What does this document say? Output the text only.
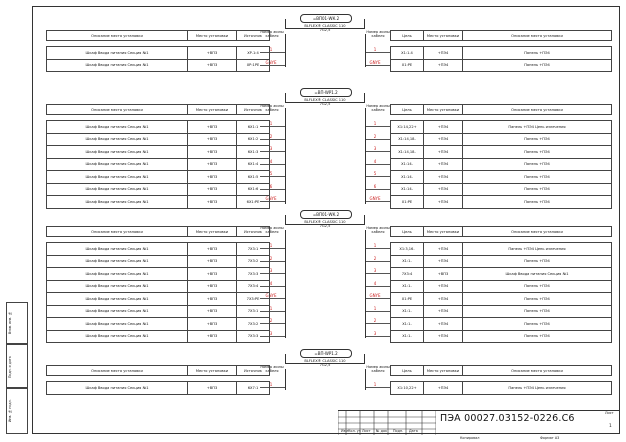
Взам. инв. №
Подп. и дата
Инв. № подл.
=ВП01-WК.2
ВLFLEX® CLASSIC 110
7G2,5
Номер жилы кабеля
Номер жилы кабеля
1	1
GNYE	GNYE
Описание места установки	Место установки	Источник

Шкаф Ввода питания Секция №1	+ВП3	ХР.1:4
Шкаф Ввода питания Секция №1	+ВП3	ХР:1РЕ
Цель	Место установки	Описание места установки

Х1:1.4	+ПЭ4	Панель +ПЭ4
Х1:РЕ	+ПЭ4	Панель +ПЭ4
=ВП-WР1.2
ВLFLEX® CLASSIC 110
7G2,5
Номер жилы кабеля
Номер жилы кабеля
1	1
2	2
3	3
4	4
5	5
6	6
GNYE	GNYE
Описание места установки	Место установки	Источник

Шкаф Ввода питания Секция №1	+ВП3	6Х1:1
Шкаф Ввода питания Секция №1	+ВП3	6Х1:2
Шкаф Ввода питания Секция №1	+ВП3	6Х1:3
Шкаф Ввода питания Секция №1	+ВП3	6Х1:4
Шкаф Ввода питания Секция №1	+ВП3	6Х1:5
Шкаф Ввода питания Секция №1	+ВП3	6Х1:6
Шкаф Ввода питания Секция №1	+ВП3	6Х1:РЕ
Цель	Место установки	Описание места установки

Х1:14,22+	+ПЭ4	Панель +ПЭ4 Цепь излечения
Х1:14,18-	+ПЭ4	Панель +ПЭ4
Х1:14,18-	+ПЭ4	Панель +ПЭ4
Х1:14-	+ПЭ4	Панель +ПЭ4
Х1:14-	+ПЭ4	Панель +ПЭ4
Х1:14-	+ПЭ4	Панель +ПЭ4
Х1:РЕ	+ПЭ4	Панель +ПЭ4
=ВП01-WК.2
ВLFLEX® CLASSIC 110
7G2,5
Номер жилы кабеля
Номер жилы кабеля
1	1
2	2
3	3
4	4
GNYE	GNYE
1	1
2	2
3	3
Описание места установки	Место установки	Источник

Шкаф Ввода питания Секция №1	+ВП3	7Х3:1
Шкаф Ввода питания Секция №1	+ВП3	7Х3:2
Шкаф Ввода питания Секция №1	+ВП3	7Х3:3
Шкаф Ввода питания Секция №1	+ВП3	7Х3:4
Шкаф Ввода питания Секция №1	+ВП3	7Х3:РЕ
Шкаф Ввода питания Секция №1	+ВП3	7Х3:1
Шкаф Ввода питания Секция №1	+ВП3	7Х3:2
Шкаф Ввода питания Секция №1	+ВП3	7Х3:3
Цель	Место установки	Описание места установки

Х1:3,16-	+ПЭ4	Панель +ПЭ4 Цепь излечения
Х1:1-	+ПЭ4	Панель +ПЭ4
7Х3:4	+ВП3	Шкаф Ввода питания Секция №1
Х1:1-	+ПЭ4	Панель +ПЭ4
Х1:РЕ	+ПЭ4	Панель +ПЭ4
Х1:1-	+ПЭ4	Панель +ПЭ4
Х1:1-	+ПЭ4	Панель +ПЭ4
Х1:1-	+ПЭ4	Панель +ПЭ4
=ВП-WР1.2
ВLFLEX® CLASSIC 110
7G2,5
Номер жилы кабеля
Номер жилы кабеля
1	1
Описание места установки	Место установки	Источник

Шкаф Ввода питания Секция №1	+ВП3	6Х7:1
Цель	Место установки	Описание места установки

Х1:10,22+	+ПЭ4	Панель +ПЭ4 Цепь излечения
Изм Кол. уч Лист № док Подп. Дата
ПЭА 00027.03152-0226.С6	Лист
1
Копировал	Формат А3
